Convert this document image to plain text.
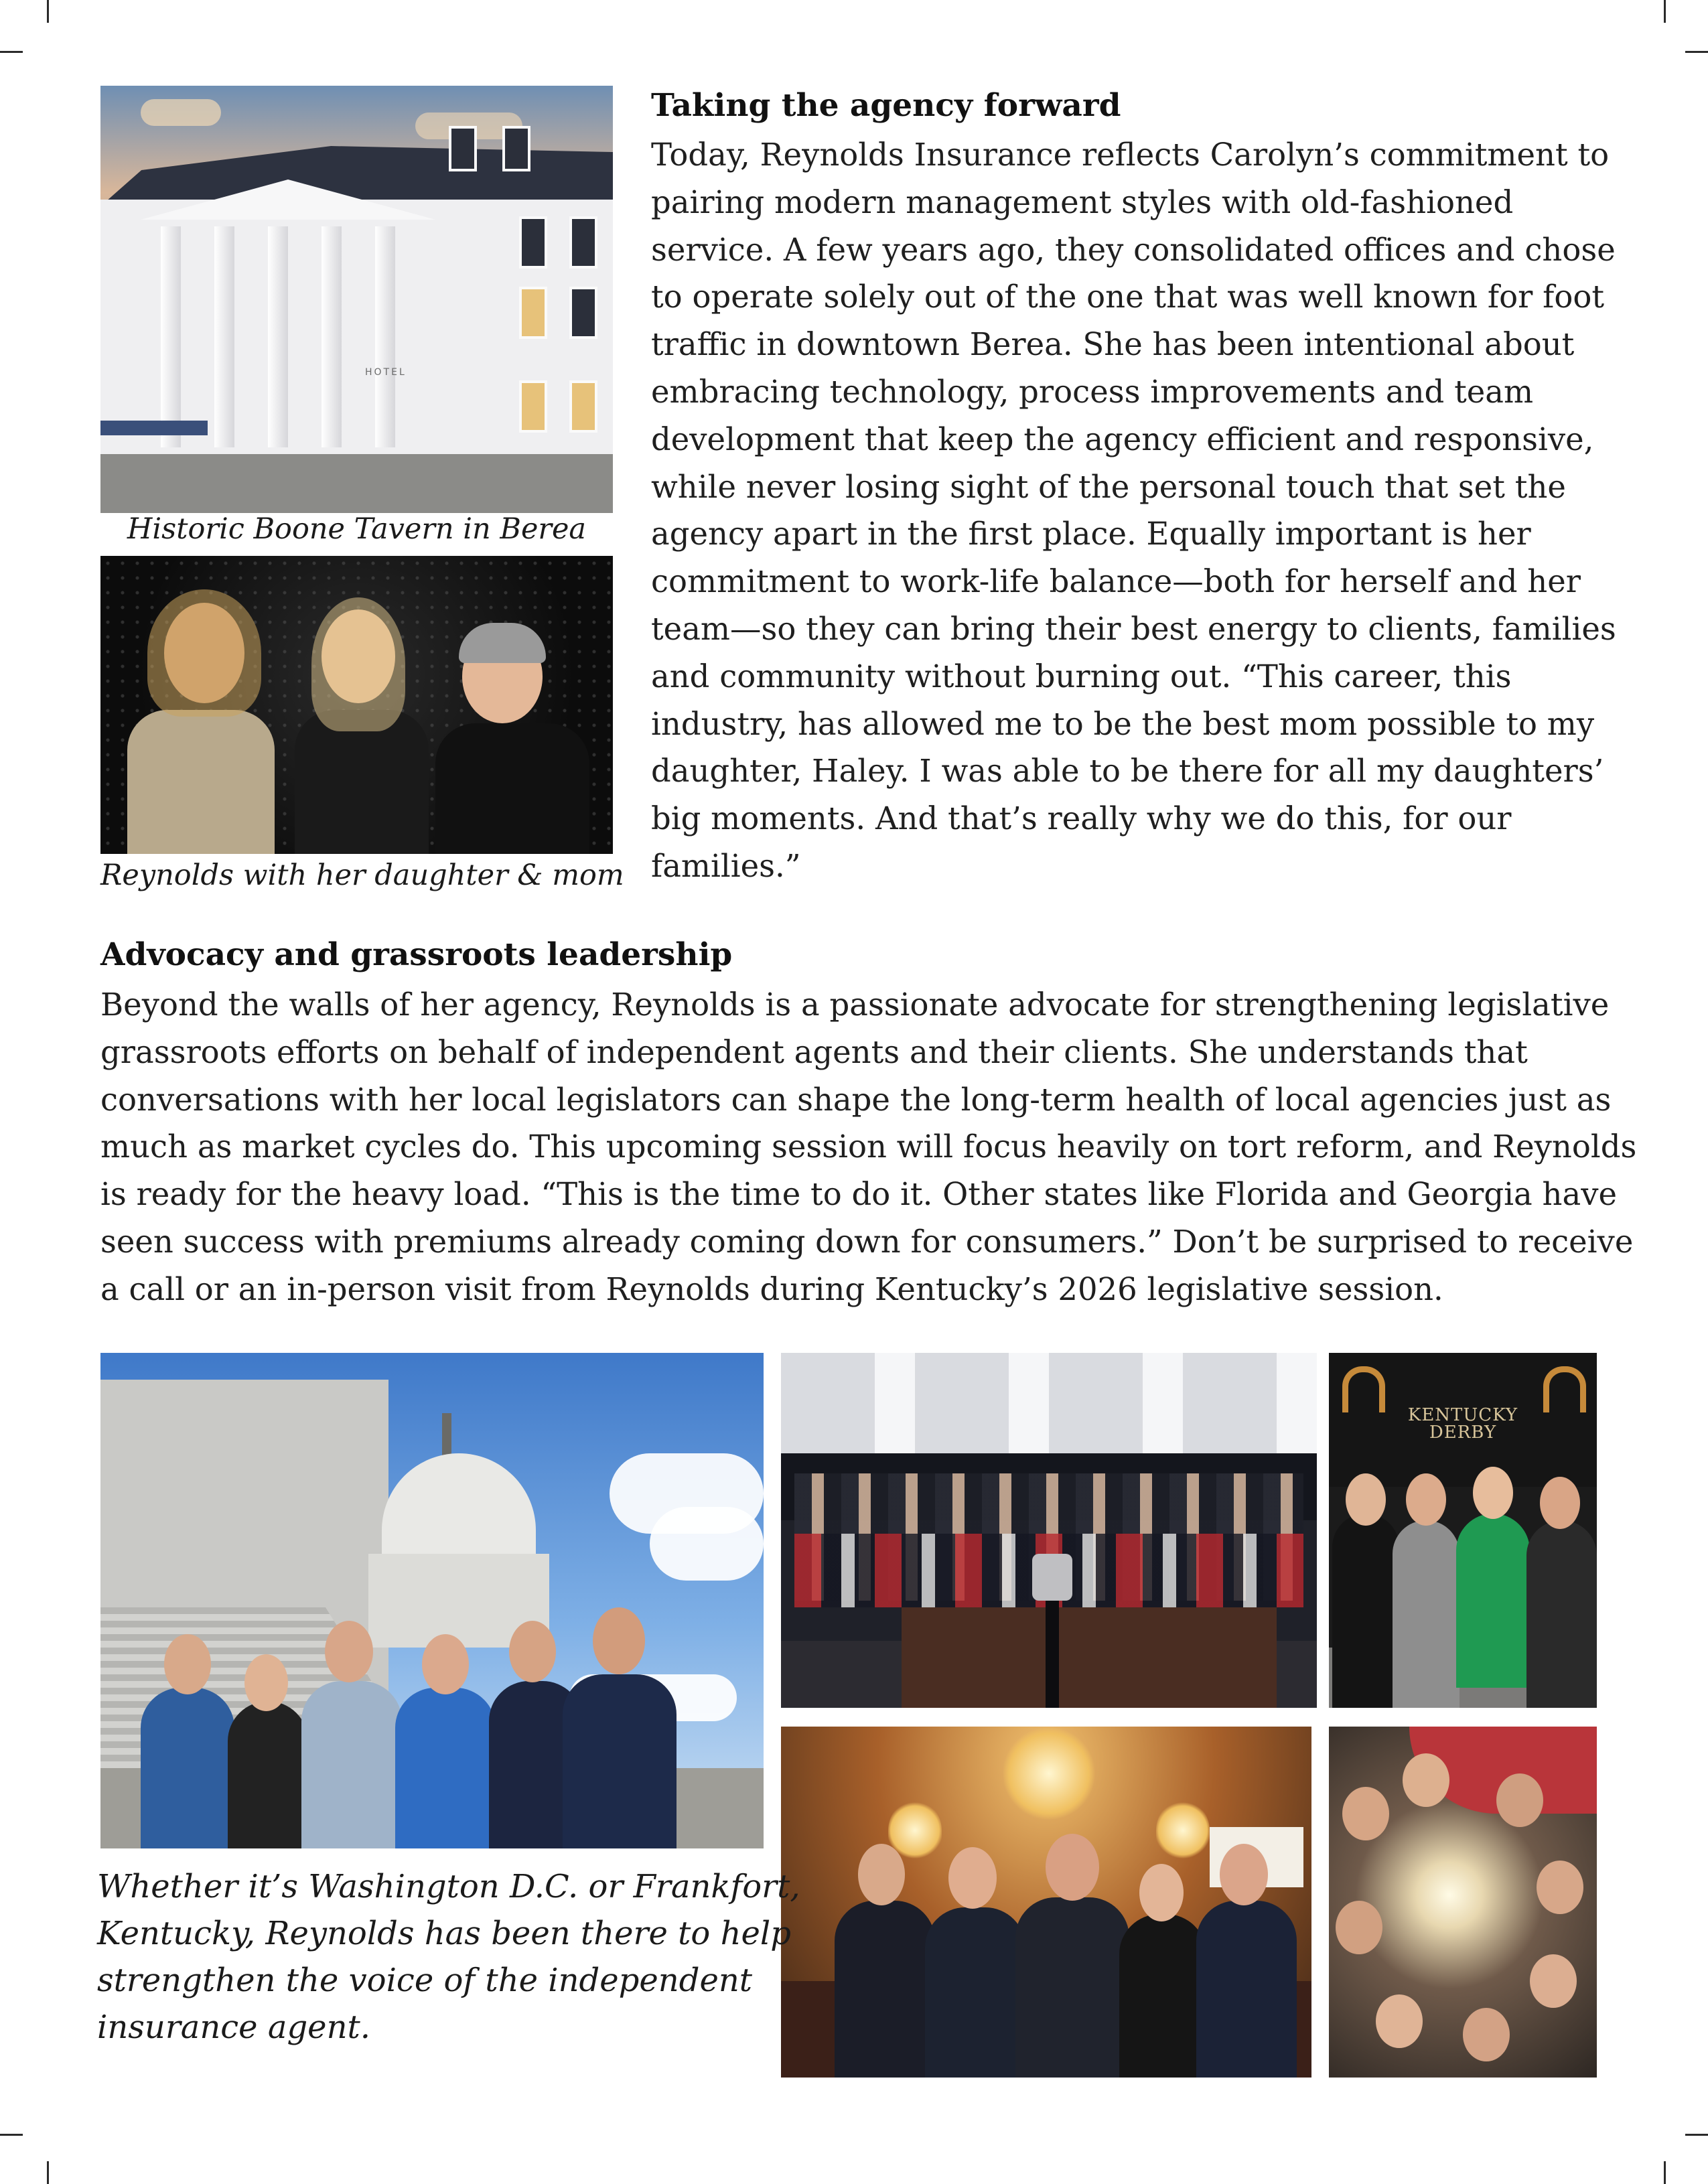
HOTEL
Historic Boone Tavern in Berea
Reynolds with her daughter & mom
Taking the agency forward

Today, Reynolds Insurance reflects Carolyn’s commitment to
pairing modern management styles with old-fashioned
service. A few years ago, they consolidated offices and chose
to operate solely out of the one that was well known for foot
traffic in downtown Berea. She has been intentional about
embracing technology, process improvements and team
development that keep the agency efficient and responsive,
while never losing sight of the personal touch that set the
agency apart in the first place. Equally important is her
commitment to work-life balance—both for herself and her
team—so they can bring their best energy to clients, families
and community without burning out. “This career, this
industry, has allowed me to be the best mom possible to my
daughter, Haley. I was able to be there for all my daughters’
big moments. And that’s really why we do this, for our
families.”

Advocacy and grassroots leadership

Beyond the walls of her agency, Reynolds is a passionate advocate for strengthening legislative
grassroots efforts on behalf of independent agents and their clients. She understands that
conversations with her local legislators can shape the long-term health of local agencies just as
much as market cycles do. This upcoming session will focus heavily on tort reform, and Reynolds
is ready for the heavy load. “This is the time to do it. Other states like Florida and Georgia have
seen success with premiums already coming down for consumers.” Don’t be surprised to receive
a call or an in-person visit from Reynolds during Kentucky’s 2026 legislative session.

KENTUCKY
DERBY
Whether it’s Washington D.C. or Frankfort,
Kentucky, Reynolds has been there to help
strengthen the voice of the independent
insurance agent.
